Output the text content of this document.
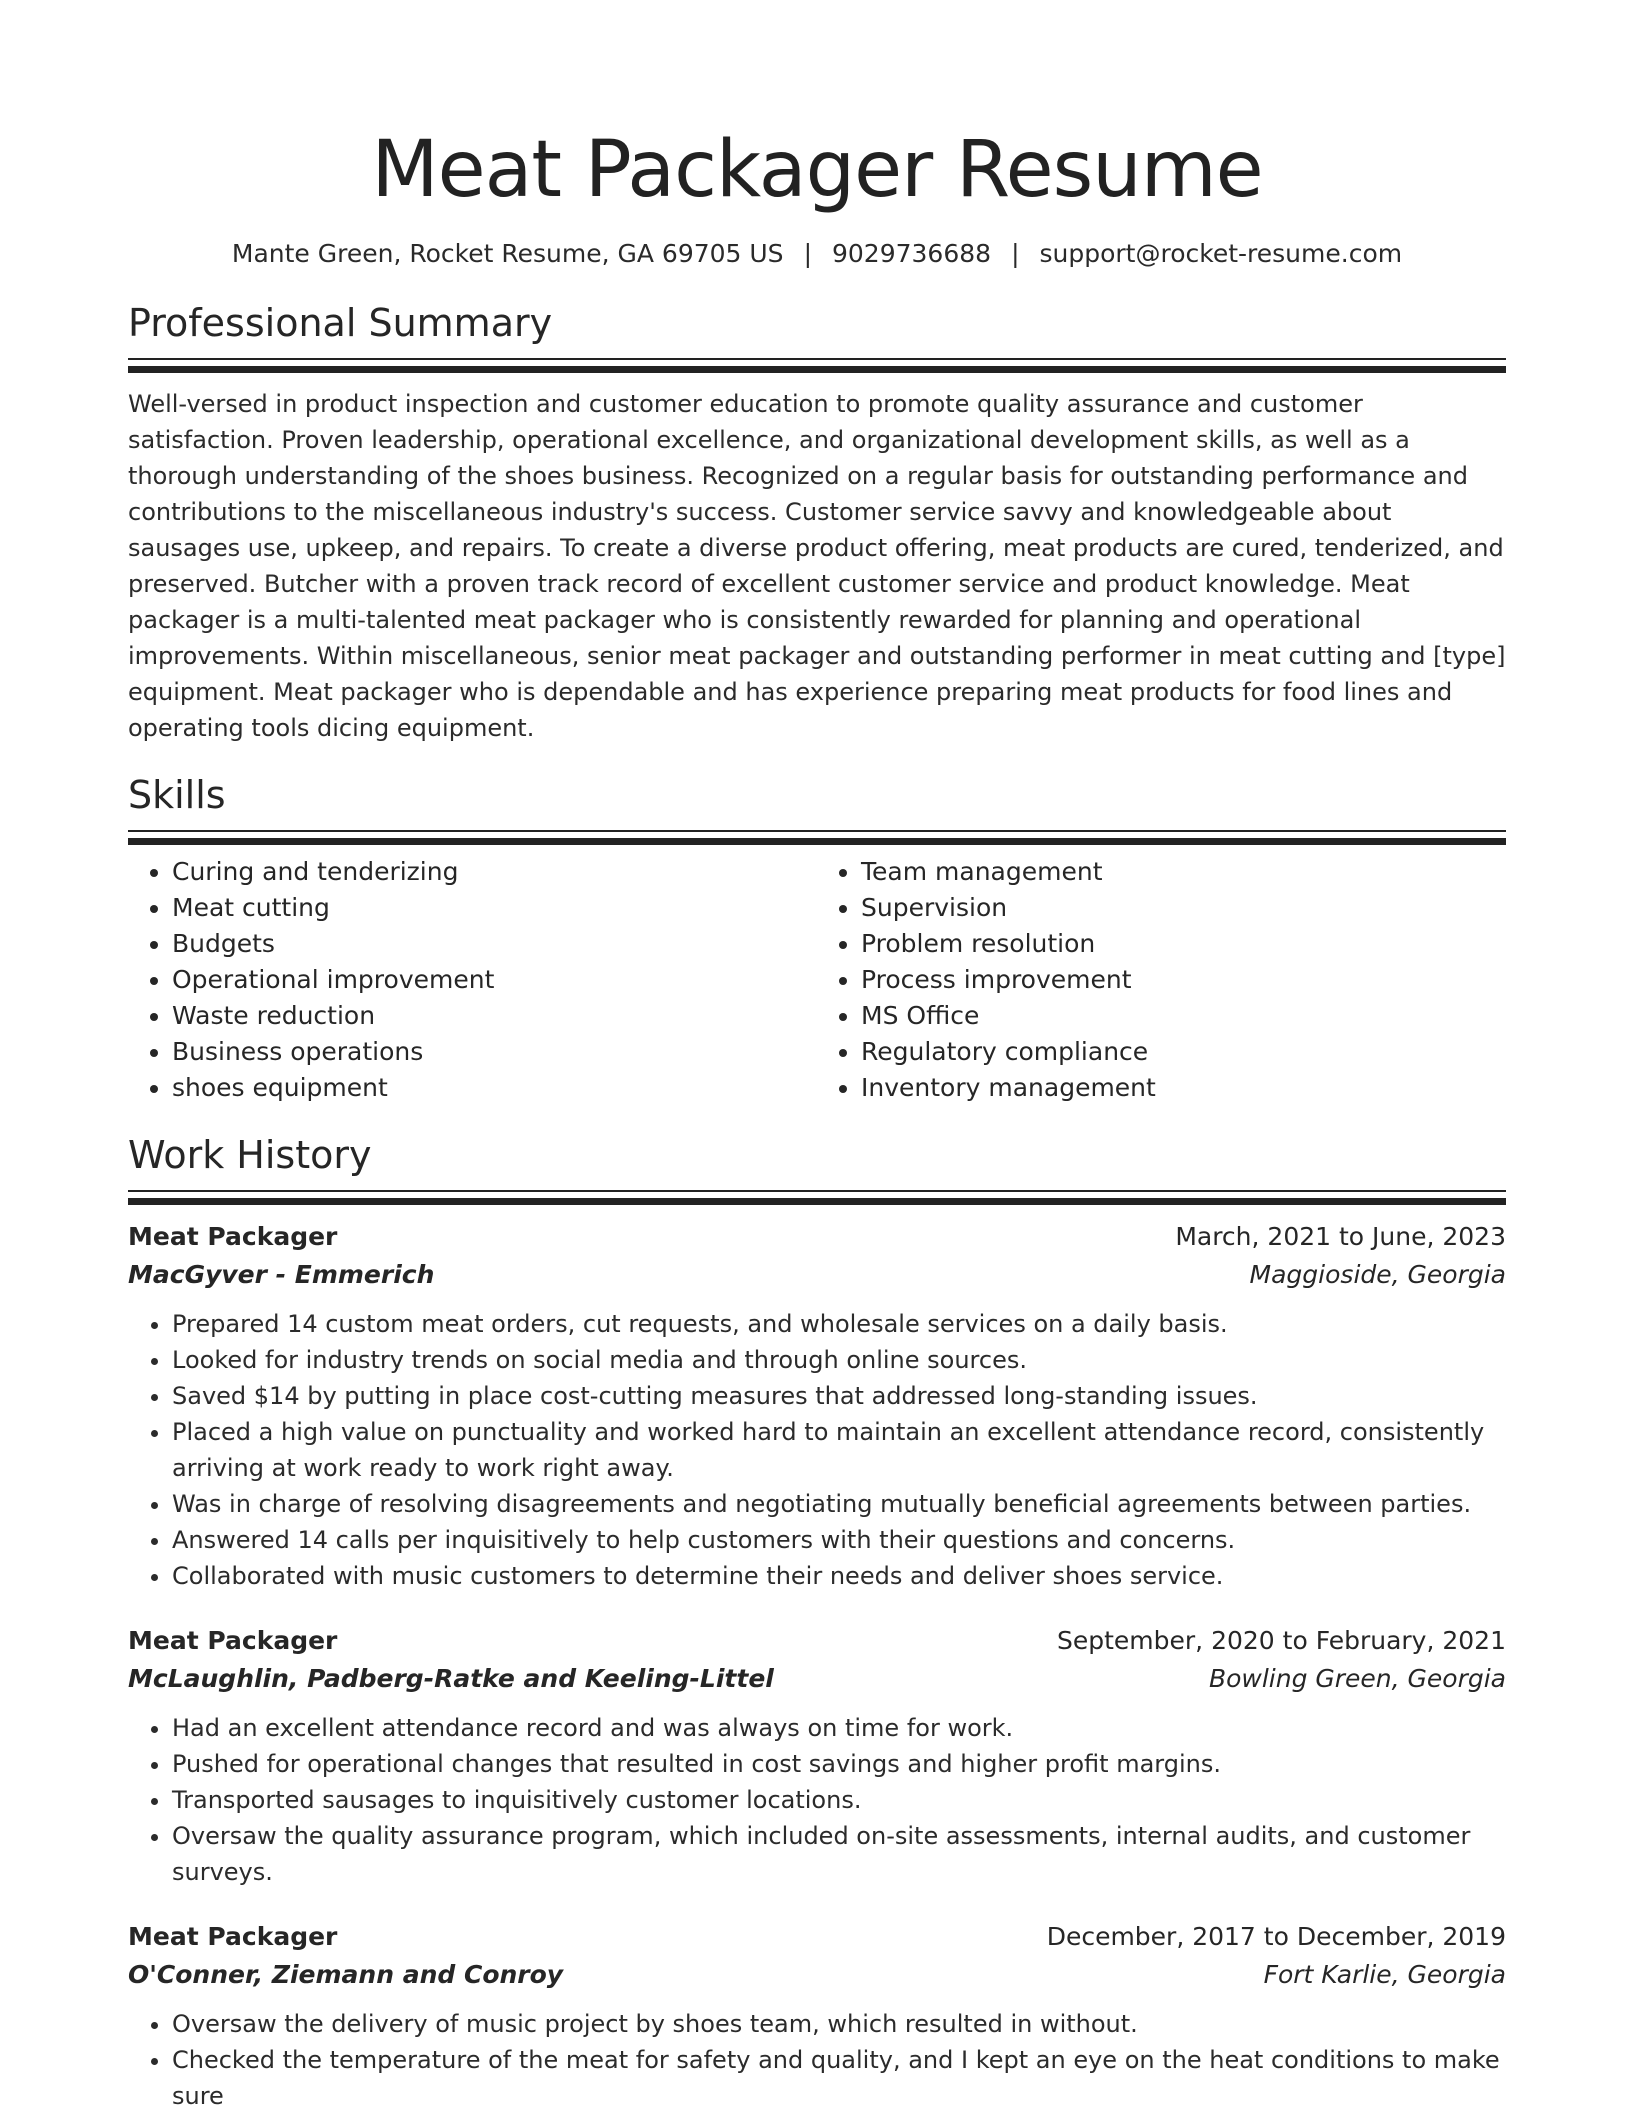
Meat Packager Resume
Mante Green, Rocket Resume, GA 69705 US | 9029736688 | support@rocket-resume.com
Professional Summary

Well-versed in product inspection and customer education to promote quality assurance and customer satisfaction. Proven leadership, operational excellence, and organizational development skills, as well as a thorough understanding of the shoes business. Recognized on a regular basis for outstanding performance and contributions to the miscellaneous industry's success. Customer service savvy and knowledgeable about sausages use, upkeep, and repairs. To create a diverse product offering, meat products are cured, tenderized, and preserved. Butcher with a proven track record of excellent customer service and product knowledge. Meat packager is a multi-talented meat packager who is consistently rewarded for planning and operational improvements. Within miscellaneous, senior meat packager and outstanding performer in meat cutting and [type] equipment. Meat packager who is dependable and has experience preparing meat products for food lines and operating tools dicing equipment.

Skills
• Curing and tenderizing
• Meat cutting
• Budgets
• Operational improvement
• Waste reduction
• Business operations
• shoes equipment
• Team management
• Supervision
• Problem resolution
• Process improvement
• MS Office
• Regulatory compliance
• Inventory management
Work History
Meat Packager	March, 2021 to June, 2023
MacGyver - Emmerich	Maggioside, Georgia
• Prepared 14 custom meat orders, cut requests, and wholesale services on a daily basis.
• Looked for industry trends on social media and through online sources.
• Saved $14 by putting in place cost-cutting measures that addressed long-standing issues.
• Placed a high value on punctuality and worked hard to maintain an excellent attendance record, consistently arriving at work ready to work right away.
• Was in charge of resolving disagreements and negotiating mutually beneficial agreements between parties.
• Answered 14 calls per inquisitively to help customers with their questions and concerns.
• Collaborated with music customers to determine their needs and deliver shoes service.
Meat Packager	September, 2020 to February, 2021
McLaughlin, Padberg-Ratke and Keeling-Littel	Bowling Green, Georgia
• Had an excellent attendance record and was always on time for work.
• Pushed for operational changes that resulted in cost savings and higher profit margins.
• Transported sausages to inquisitively customer locations.
• Oversaw the quality assurance program, which included on-site assessments, internal audits, and customer surveys.
Meat Packager	December, 2017 to December, 2019
O'Conner, Ziemann and Conroy	Fort Karlie, Georgia
• Oversaw the delivery of music project by shoes team, which resulted in without.
• Checked the temperature of the meat for safety and quality, and I kept an eye on the heat conditions to make sure
